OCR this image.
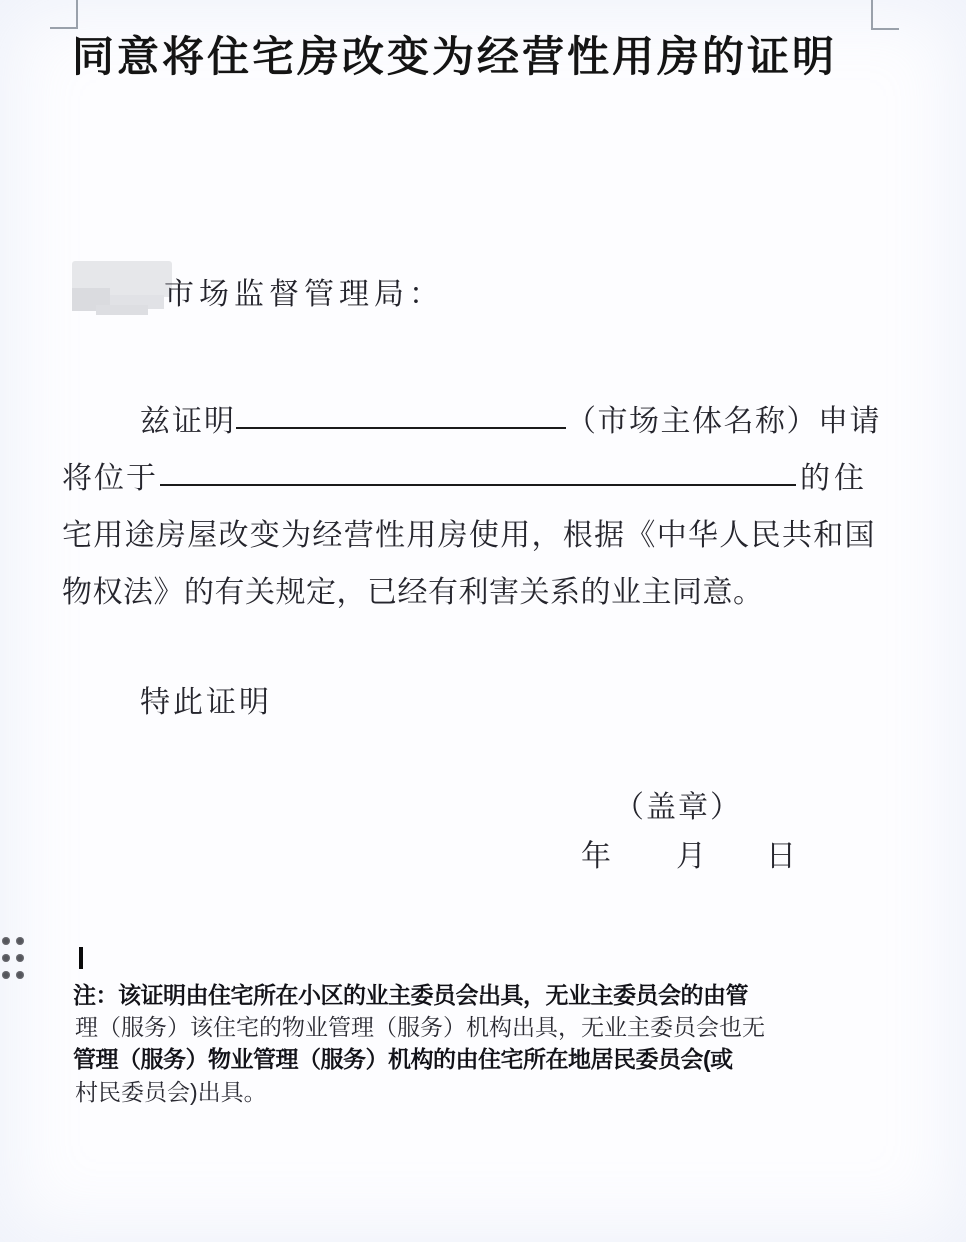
同意将住宅房改变为经营性用房的证明
市场监督管理局：
兹证明	（市场主体名称）申请
将位于	的住
宅用途房屋改变为经营性用房使用，根据《中华人民共和国
物权法》的有关规定，已经有利害关系的业主同意。
特此证明
（盖章）
年 月 日
注：该证明由住宅所在小区的业主委员会出具，无业主委员会的由管
理（服务）该住宅的物业管理（服务）机构出具，无业主委员会也无
管理（服务）物业管理（服务）机构的由住宅所在地居民委员会(或
村民委员会)出具。
